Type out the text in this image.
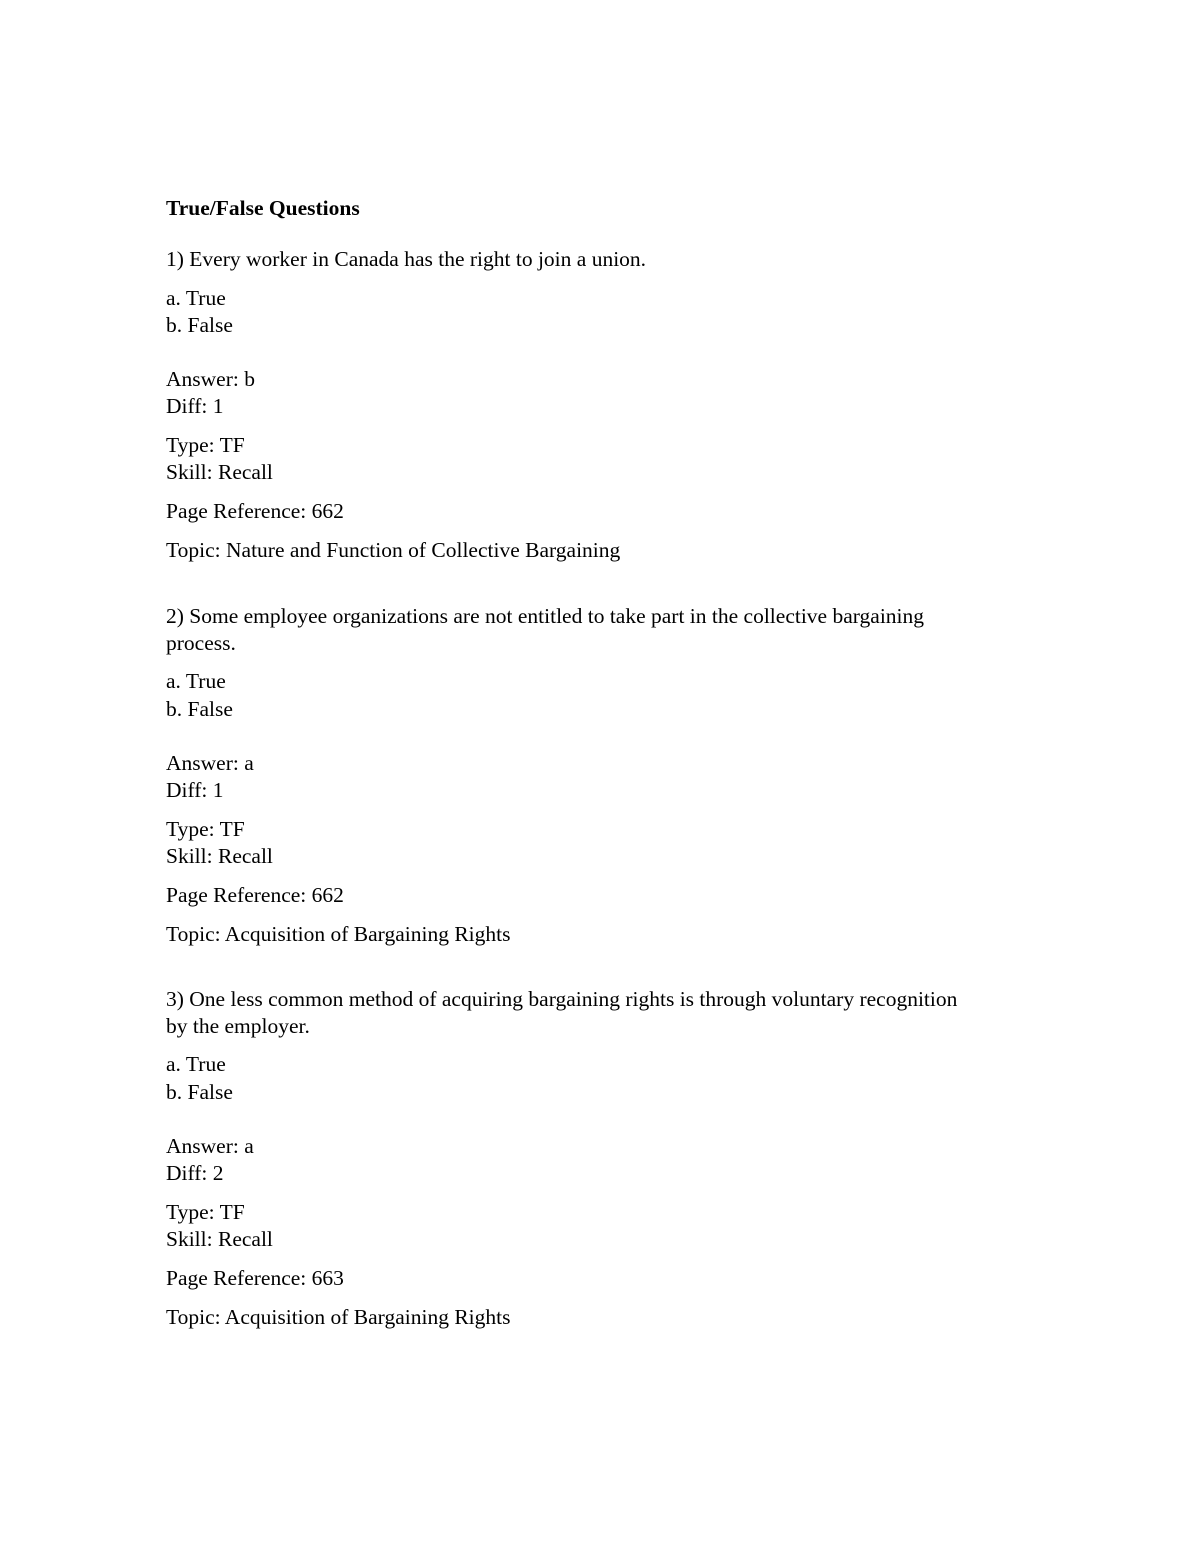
True/False Questions

1) Every worker in Canada has the right to join a union.

a. True

b. False

Answer: b

Diff: 1

Type: TF

Skill: Recall

Page Reference: 662

Topic: Nature and Function of Collective Bargaining

2) Some employee organizations are not entitled to take part in the collective bargaining

process.

a. True

b. False

Answer: a

Diff: 1

Type: TF

Skill: Recall

Page Reference: 662

Topic: Acquisition of Bargaining Rights

3) One less common method of acquiring bargaining rights is through voluntary recognition

by the employer.

a. True

b. False

Answer: a

Diff: 2

Type: TF

Skill: Recall

Page Reference: 663

Topic: Acquisition of Bargaining Rights
